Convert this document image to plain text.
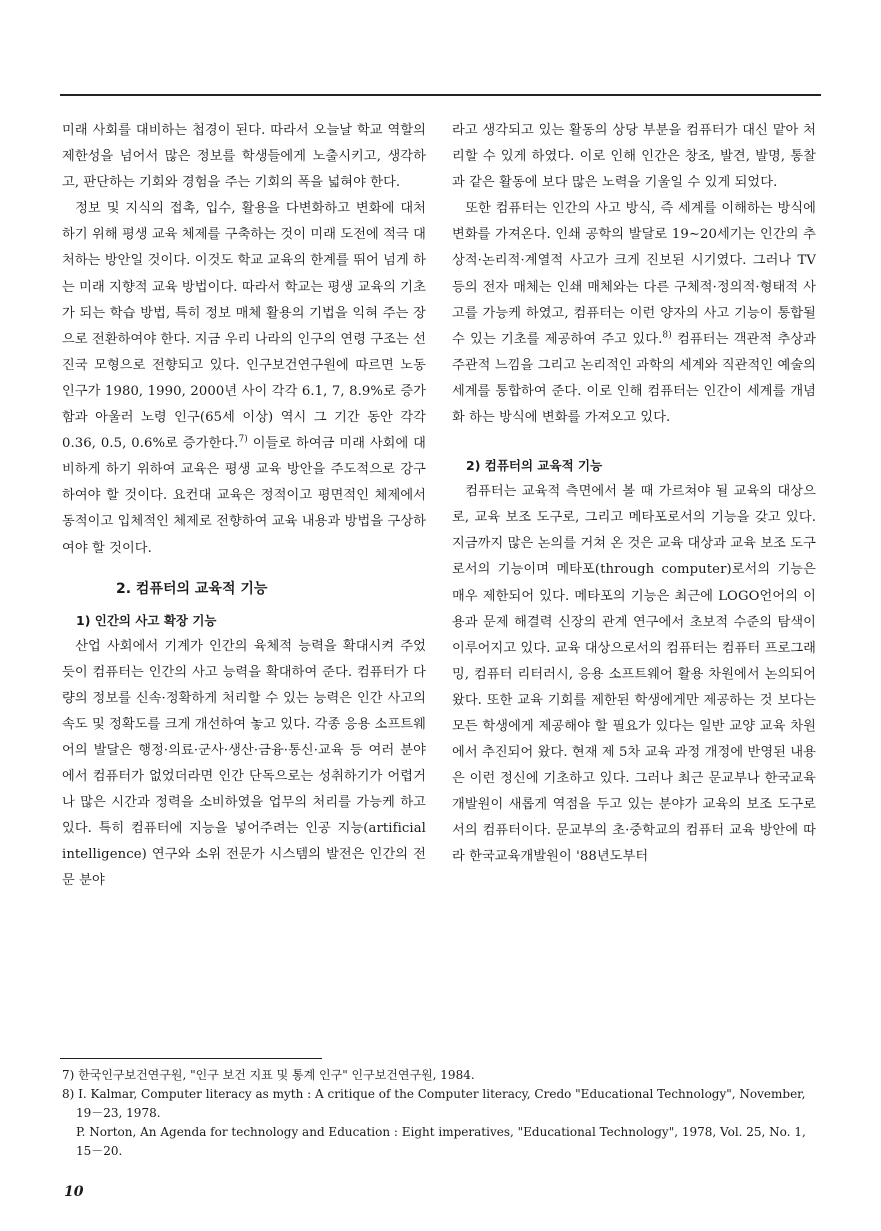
미래 사회를 대비하는 첩경이 된다. 따라서 오늘날 학교 역할의 제한성을 넘어서 많은 정보를 학생들에게 노출시키고, 생각하고, 판단하는 기회와 경험을 주는 기회의 폭을 넓혀야 한다.

정보 및 지식의 접촉, 입수, 활용을 다변화하고 변화에 대처하기 위해 평생 교육 체제를 구축하는 것이 미래 도전에 적극 대처하는 방안일 것이다. 이것도 학교 교육의 한계를 뛰어 넘게 하는 미래 지향적 교육 방법이다. 따라서 학교는 평생 교육의 기초가 되는 학습 방법, 특히 정보 매체 활용의 기법을 익혀 주는 장으로 전환하여야 한다. 지금 우리 나라의 인구의 연령 구조는 선진국 모형으로 전향되고 있다. 인구보건연구원에 따르면 노동 인구가 1980, 1990, 2000년 사이 각각 6.1, 7, 8.9%로 증가함과 아울러 노령 인구(65세 이상) 역시 그 기간 동안 각각 0.36, 0.5, 0.6%로 증가한다.$^{7)}$ 이들로 하여금 미래 사회에 대비하게 하기 위하여 교육은 평생 교육 방안을 주도적으로 강구하여야 할 것이다. 요컨대 교육은 정적이고 평면적인 체제에서 동적이고 입체적인 체제로 전향하여 교육 내용과 방법을 구상하여야 할 것이다.

2. 컴퓨터의 교육적 기능
1) 인간의 사고 확장 기능

산업 사회에서 기계가 인간의 육체적 능력을 확대시켜 주었듯이 컴퓨터는 인간의 사고 능력을 확대하여 준다. 컴퓨터가 다량의 정보를 신속·정확하게 처리할 수 있는 능력은 인간 사고의 속도 및 정확도를 크게 개선하여 놓고 있다. 각종 응용 소프트웨어의 발달은 행정·의료·군사·생산·금융·통신·교육 등 여러 분야에서 컴퓨터가 없었더라면 인간 단독으로는 성취하기가 어렵거나 많은 시간과 정력을 소비하였을 업무의 처리를 가능케 하고 있다. 특히 컴퓨터에 지능을 넣어주려는 인공 지능(artificial intelligence) 연구와 소위 전문가 시스템의 발전은 인간의 전문 분야

라고 생각되고 있는 활동의 상당 부분을 컴퓨터가 대신 맡아 처리할 수 있게 하였다. 이로 인해 인간은 창조, 발견, 발명, 통찰과 같은 활동에 보다 많은 노력을 기울일 수 있게 되었다.

또한 컴퓨터는 인간의 사고 방식, 즉 세계를 이해하는 방식에 변화를 가져온다. 인쇄 공학의 발달로 19∼20세기는 인간의 추상적·논리적·계열적 사고가 크게 진보된 시기였다. 그러나 TV 등의 전자 매체는 인쇄 매체와는 다른 구체적·정의적·형태적 사고를 가능케 하였고, 컴퓨터는 이런 양자의 사고 기능이 통합될 수 있는 기초를 제공하여 주고 있다.$^{8)}$ 컴퓨터는 객관적 추상과 주관적 느낌을 그리고 논리적인 과학의 세계와 직관적인 예술의 세계를 통합하여 준다. 이로 인해 컴퓨터는 인간이 세계를 개념화 하는 방식에 변화를 가져오고 있다.

2) 컴퓨터의 교육적 기능

컴퓨터는 교육적 측면에서 볼 때 가르쳐야 될 교육의 대상으로, 교육 보조 도구로, 그리고 메타포로서의 기능을 갖고 있다. 지금까지 많은 논의를 거쳐 온 것은 교육 대상과 교육 보조 도구로서의 기능이며 메타포(through computer)로서의 기능은 매우 제한되어 있다. 메타포의 기능은 최근에 LOGO언어의 이용과 문제 해결력 신장의 관계 연구에서 초보적 수준의 탐색이 이루어지고 있다. 교육 대상으로서의 컴퓨터는 컴퓨터 프로그래밍, 컴퓨터 리터러시, 응용 소프트웨어 활용 차원에서 논의되어 왔다. 또한 교육 기회를 제한된 학생에게만 제공하는 것 보다는 모든 학생에게 제공해야 할 필요가 있다는 일반 교양 교육 차원에서 추진되어 왔다. 현재 제 5차 교육 과정 개정에 반영된 내용은 이런 정신에 기초하고 있다. 그러나 최근 문교부나 한국교육개발원이 새롭게 역점을 두고 있는 분야가 교육의 보조 도구로서의 컴퓨터이다. 문교부의 초·중학교의 컴퓨터 교육 방안에 따라 한국교육개발원이 '88년도부터

7) 한국인구보건연구원, "인구 보건 지표 및 통계 인구" 인구보건연구원, 1984.

8) I. Kalmar, Computer literacy as myth : A critique of the Computer literacy, Credo "Educational Technology", November, 19－23, 1978.

P. Norton, An Agenda for technology and Education : Eight imperatives, "Educational Technology", 1978, Vol. 25, No. 1, 15－20.

10
